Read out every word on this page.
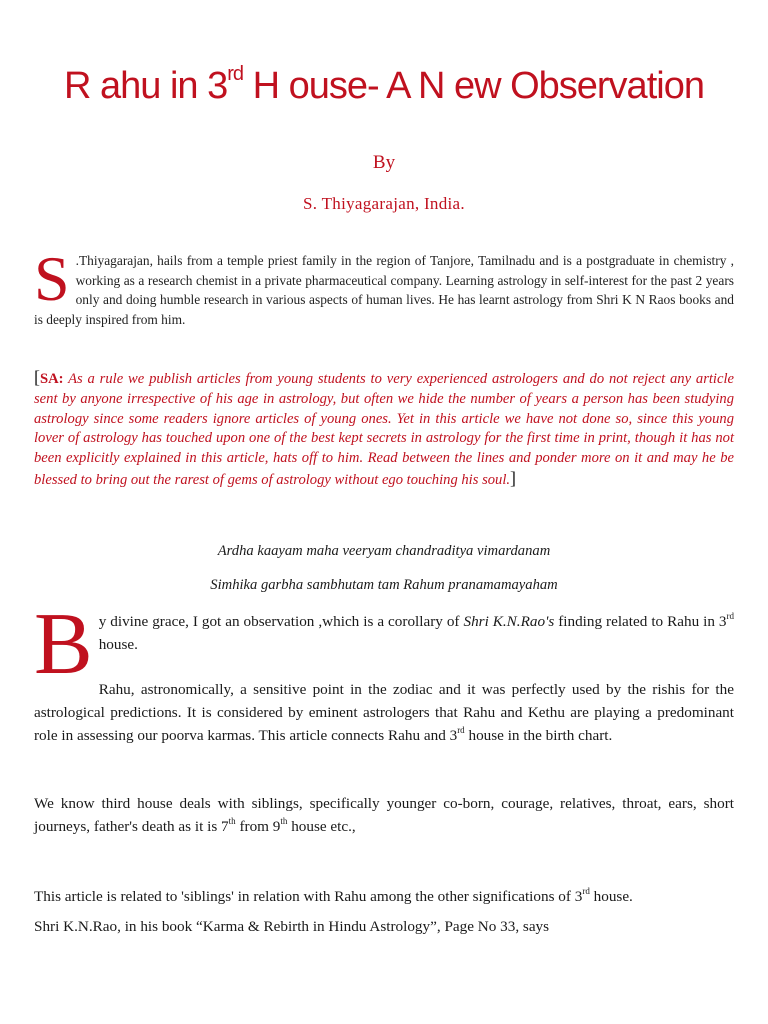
R ahu in 3rd H ouse- A N ew Observation
By
S. Thiyagarajan, India.
S .Thiyagarajan, hails from a temple priest family in the region of Tanjore, Tamilnadu and is a postgraduate in chemistry , working as a research chemist in a private pharmaceutical company. Learning astrology in self-interest for the past 2 years only and doing humble research in various aspects of human lives. He has learnt astrology from Shri K N Raos books and is deeply inspired from him.
[SA: As a rule we publish articles from young students to very experienced astrologers and do not reject any article sent by anyone irrespective of his age in astrology, but often we hide the number of years a person has been studying astrology since some readers ignore articles of young ones. Yet in this article we have not done so, since this young lover of astrology has touched upon one of the best kept secrets in astrology for the first time in print, though it has not been explicitly explained in this article, hats off to him. Read between the lines and ponder more on it and may he be blessed to bring out the rarest of gems of astrology without ego touching his soul.]
Ardha kaayam maha veeryam chandraditya vimardanam
Simhika garbha sambhutam tam Rahum pranamamayaham
B y divine grace, I got an observation ,which is a corollary of Shri K.N.Rao's finding related to Rahu in 3rd house.

Rahu, astronomically, a sensitive point in the zodiac and it was perfectly used by the rishis for the astrological predictions. It is considered by eminent astrologers that Rahu and Kethu are playing a predominant role in assessing our poorva karmas. This article connects Rahu and 3rd house in the birth chart.

We know third house deals with siblings, specifically younger co-born, courage, relatives, throat, ears, short journeys, father's death as it is 7th from 9th house etc.,

This article is related to 'siblings' in relation with Rahu among the other significations of 3rd house.

Shri K.N.Rao, in his book “Karma & Rebirth in Hindu Astrology”, Page No 33, says
